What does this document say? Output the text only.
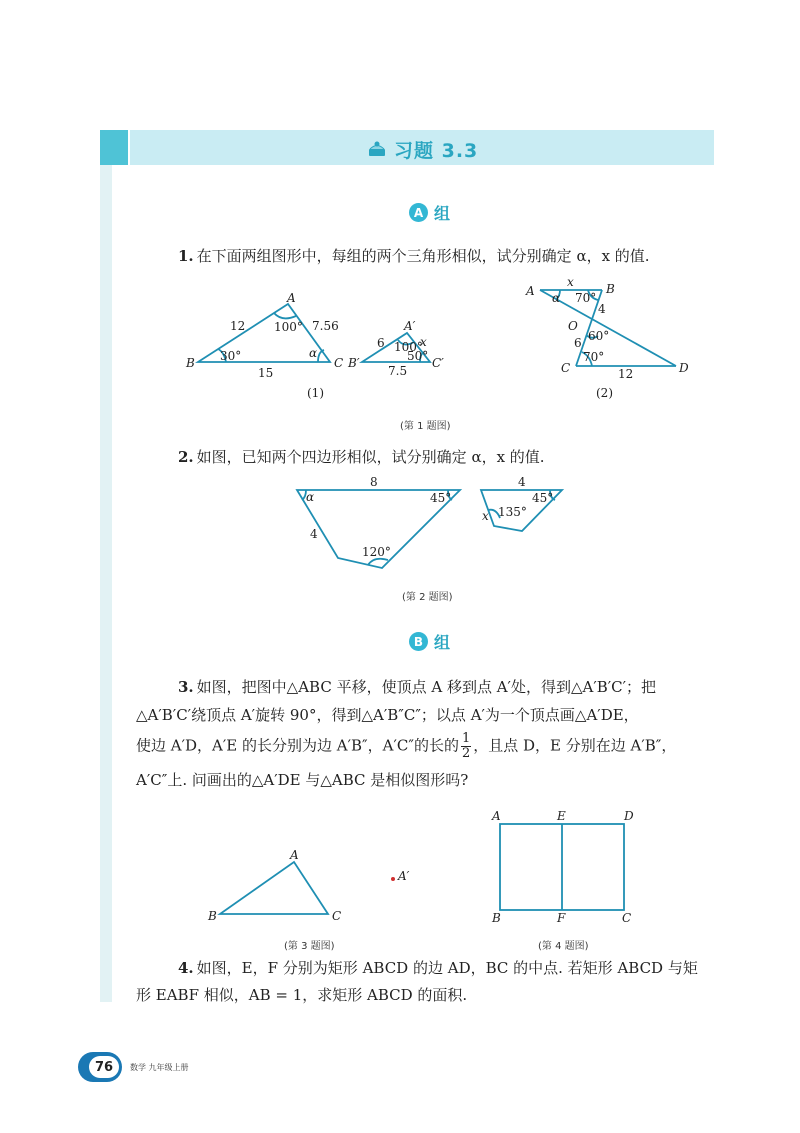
习题 3.3
A 组
1. 在下面两组图形中，每组的两个三角形相似，试分别确定 α，x 的值.
A
B	C
12	7.56
15
100°
30°	α
A′
B′	C′
6	x
7.5
100°
50°
(1)
A	B
O
C	D
x
α 70°
4
60°
6
70°
12
(2)
8
α	45°
4
120°
4
45°
135°
x
A
B	C
A′
A	E	D
B	F	C
(第 1 题图)
2. 如图，已知两个四边形相似，试分别确定 α，x 的值.
(第 2 题图)
B 组
3. 如图，把图中△ABC 平移，使顶点 A 移到点 A′处，得到△A′B′C′；把
△A′B′C′绕顶点 A′旋转 90°，得到△A′B″C″；以点 A′为一个顶点画△A′DE，
使边 A′D，A′E 的长分别为边 A′B″，A′C″的长的 $\frac{1}{2}$ ，且点 D，E 分别在边 A′B″，
A′C″上. 问画出的△A′DE 与△ABC 是相似图形吗?
(第 3 题图)	(第 4 题图)
4. 如图，E，F 分别为矩形 ABCD 的边 AD，BC 的中点. 若矩形 ABCD 与矩
形 EABF 相似，AB = 1，求矩形 ABCD 的面积.
76	数学 九年级上册
